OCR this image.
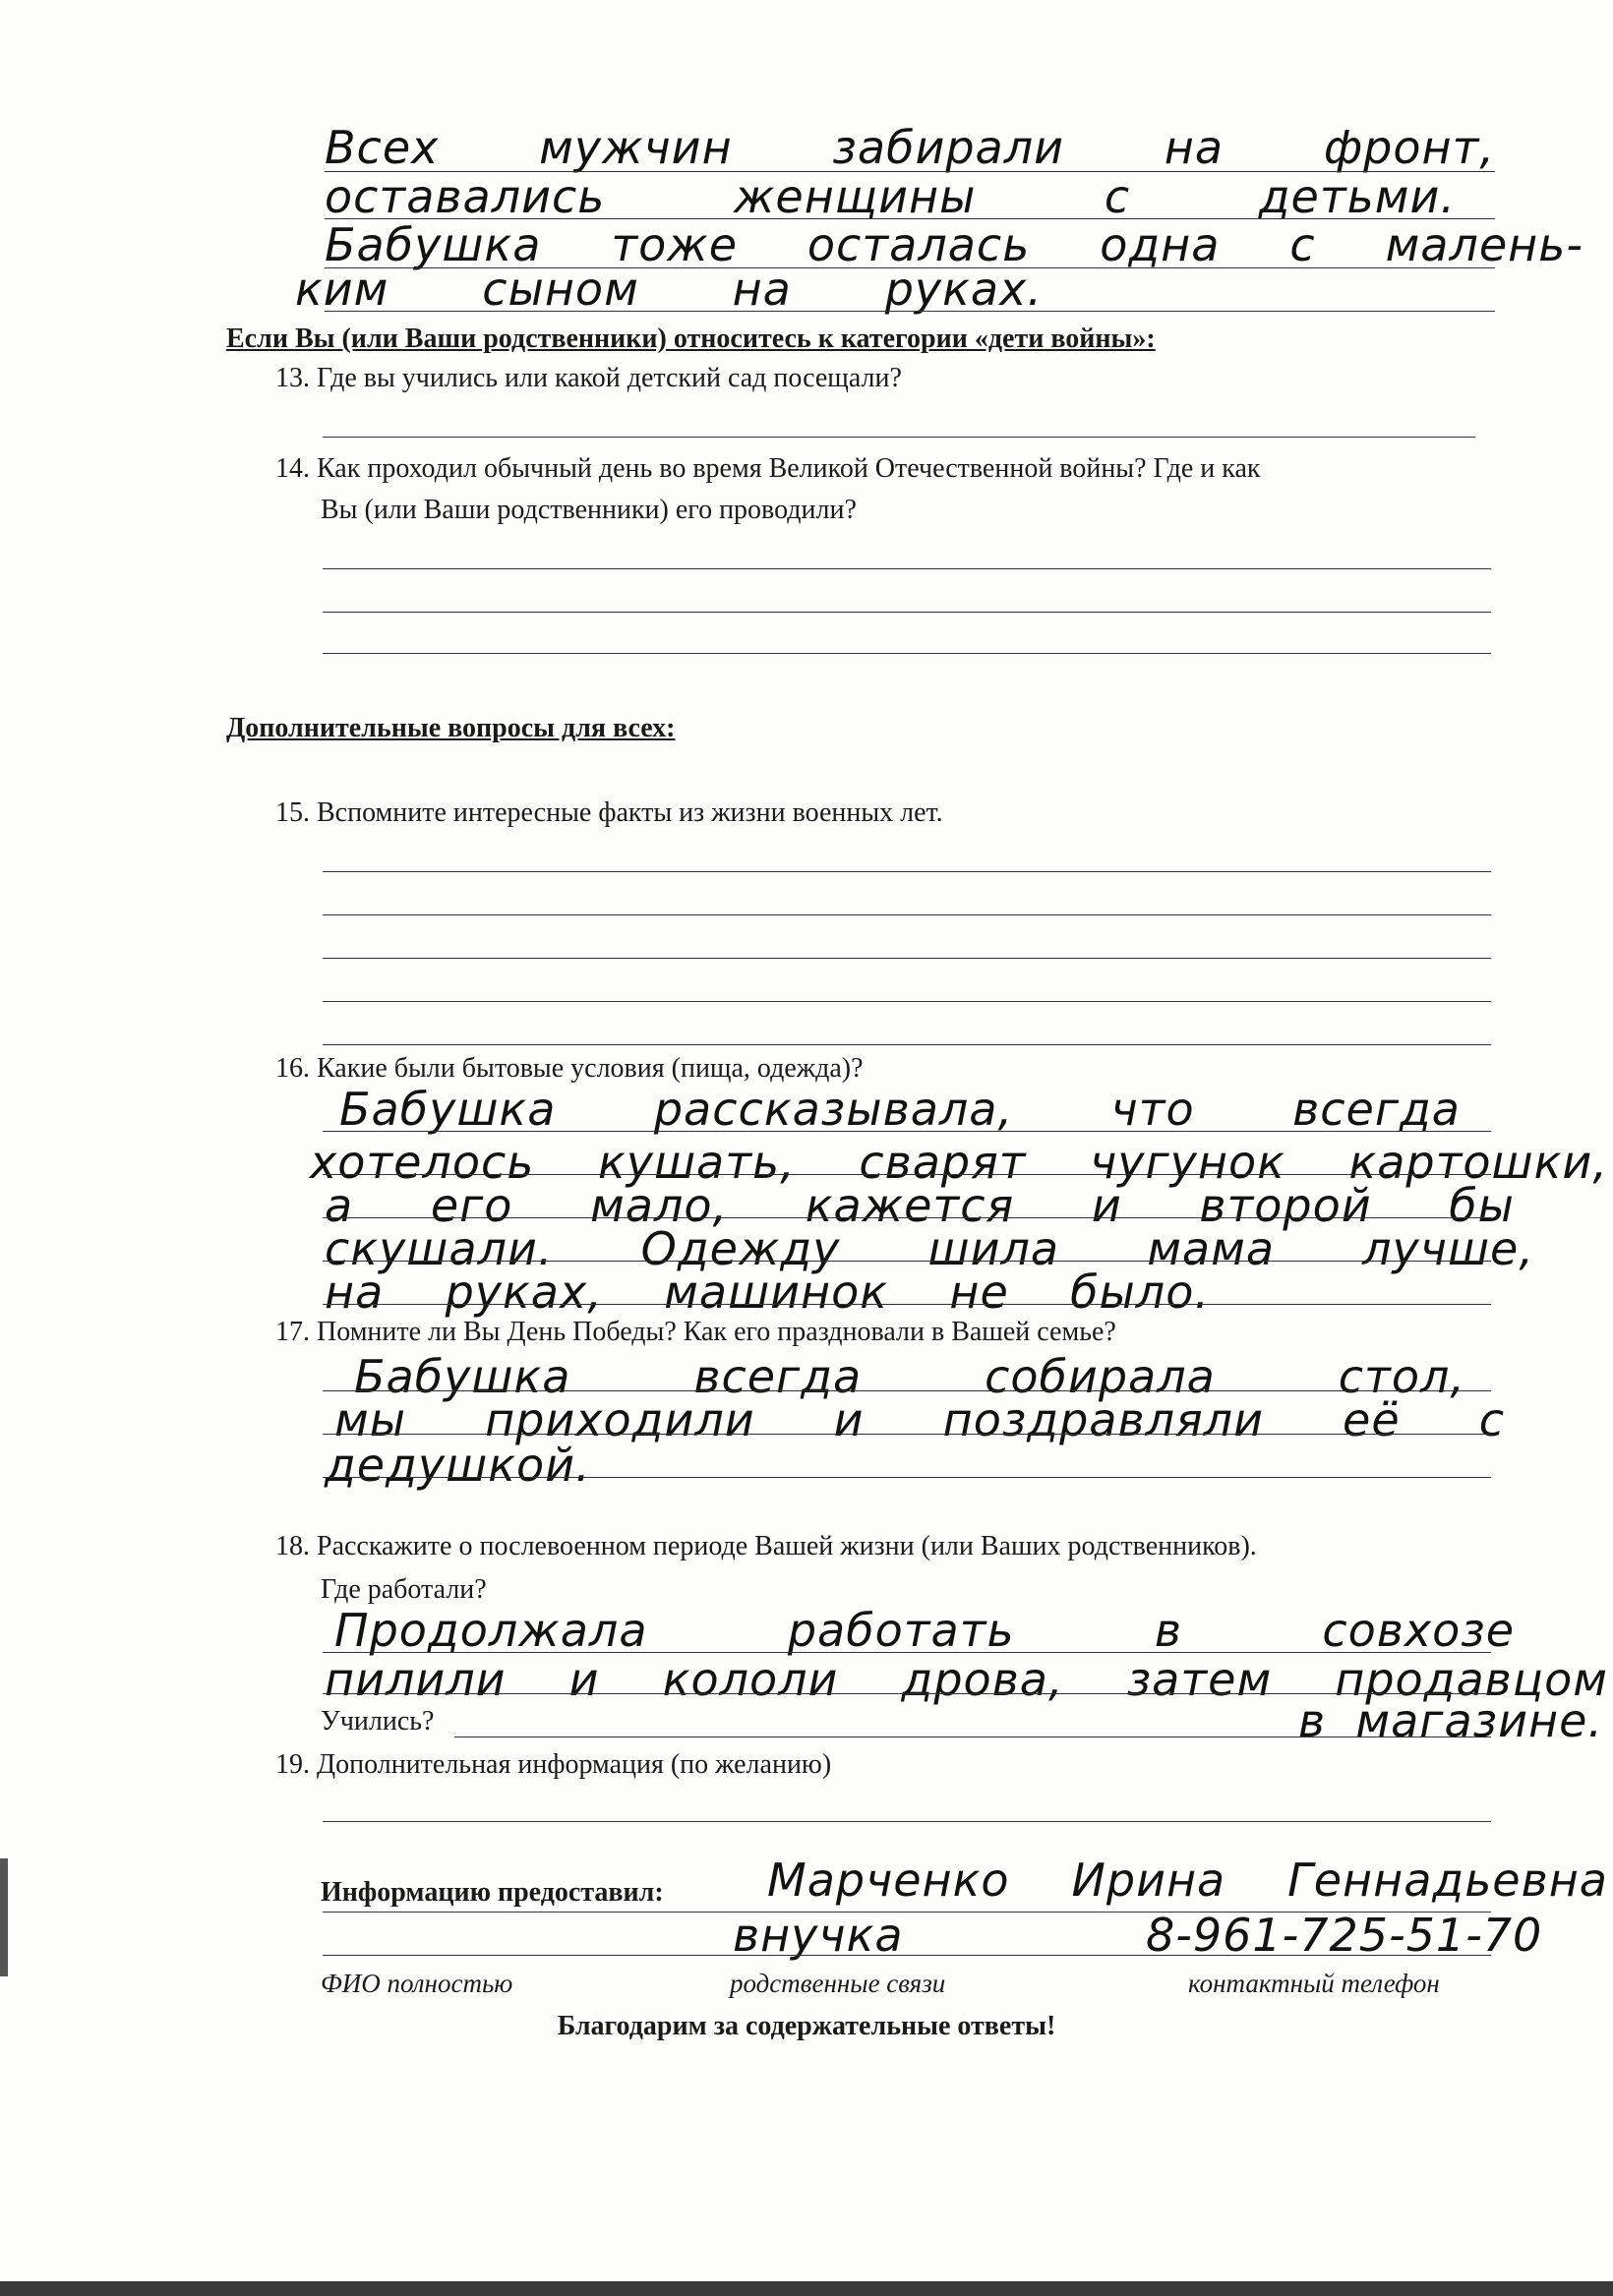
Всех мужчин забирали на фронт,
оставались	женщины	с	детьми.
Бабушка тоже осталась одна с малень-
ким сыном на руках.
Если Вы (или Ваши родственники) относитесь к категории «дети войны»:
13. Где вы учились или какой детский сад посещали?
14. Как проходил обычный день во время Великой Отечественной войны? Где и как
Вы (или Ваши родственники) его проводили?
Дополнительные вопросы для всех:
15. Вспомните интересные факты из жизни военных лет.
16. Какие были бытовые условия (пища, одежда)?
Бабушка рассказывала, что всегда
хотелось кушать, сварят чугунок картошки,
а его мало, кажется и второй бы
скушали. Одежду шила мама лучше,
на руках, машинок не было.
17. Помните ли Вы День Победы? Как его праздновали в Вашей семье?
Бабушка	всегда	собирала	стол,
мы приходили и поздравляли её с
дедушкой.
18. Расскажите о послевоенном периоде Вашей жизни (или Ваших родственников).
Где работали?
Продолжала	работать	в	совхозе
пилили и кололи дрова, затем продавцом
Учились?	в магазине.
19. Дополнительная информация (по желанию)
Информацию предоставил: Марченко Ирина Геннадьевна
внучка	8-961-725-51-70
ФИО полностью	родственные связи	контактный телефон
Благодарим за содержательные ответы!
